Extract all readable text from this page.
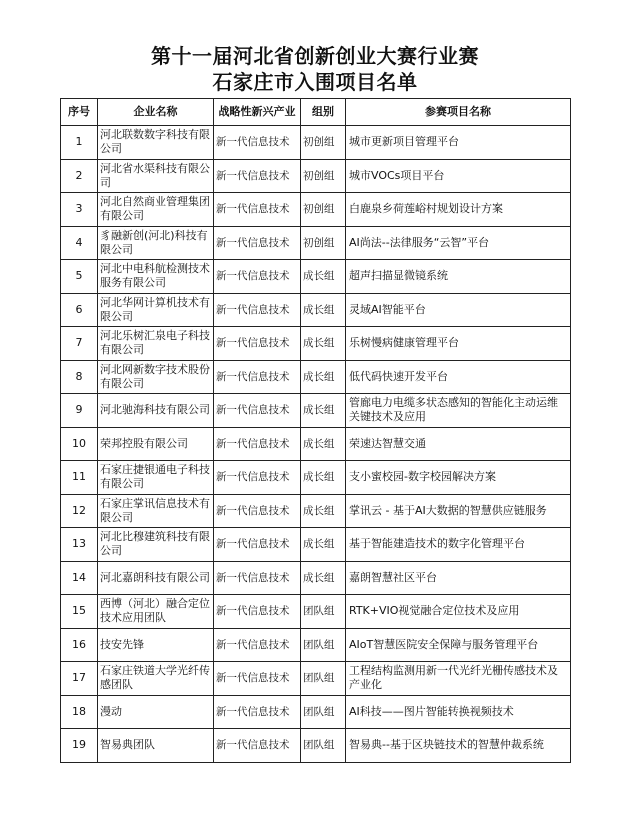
第十一届河北省创新创业大赛行业赛
石家庄市入围项目名单
序号	企业名称	战略性新兴产业	组别	参赛项目名称
1	河北联数数字科技有限公司	新一代信息技术	初创组	城市更新项目管理平台
2	河北省水渠科技有限公司	新一代信息技术	初创组	城市VOCs项目平台
3	河北自然商业管理集团有限公司	新一代信息技术	初创组	白鹿泉乡荷莲峪村规划设计方案
4	豸融新创(河北)科技有限公司	新一代信息技术	初创组	AI尚法--法律服务“云智”平台
5	河北中电科航检测技术服务有限公司	新一代信息技术	成长组	超声扫描显微镜系统
6	河北华网计算机技术有限公司	新一代信息技术	成长组	灵域AI智能平台
7	河北乐树汇泉电子科技有限公司	新一代信息技术	成长组	乐树慢病健康管理平台
8	河北网新数字技术股份有限公司	新一代信息技术	成长组	低代码快速开发平台
9	河北驰海科技有限公司	新一代信息技术	成长组	管廊电力电缆多状态感知的智能化主动运维关键技术及应用
10	荣邦控股有限公司	新一代信息技术	成长组	荣速达智慧交通
11	石家庄捷银通电子科技有限公司	新一代信息技术	成长组	支小蜜校园-数字校园解决方案
12	石家庄掌讯信息技术有限公司	新一代信息技术	成长组	掌讯云 - 基于AI大数据的智慧供应链服务
13	河北比穆建筑科技有限公司	新一代信息技术	成长组	基于智能建造技术的数字化管理平台
14	河北嘉朗科技有限公司	新一代信息技术	成长组	嘉朗智慧社区平台
15	西博（河北）融合定位技术应用团队	新一代信息技术	团队组	RTK+VIO视觉融合定位技术及应用
16	技安先锋	新一代信息技术	团队组	AIoT智慧医院安全保障与服务管理平台
17	石家庄铁道大学光纤传感团队	新一代信息技术	团队组	工程结构监测用新一代光纤光栅传感技术及产业化
18	漫动	新一代信息技术	团队组	AI科技——图片智能转换视频技术
19	智易典团队	新一代信息技术	团队组	智易典--基于区块链技术的智慧仲裁系统
